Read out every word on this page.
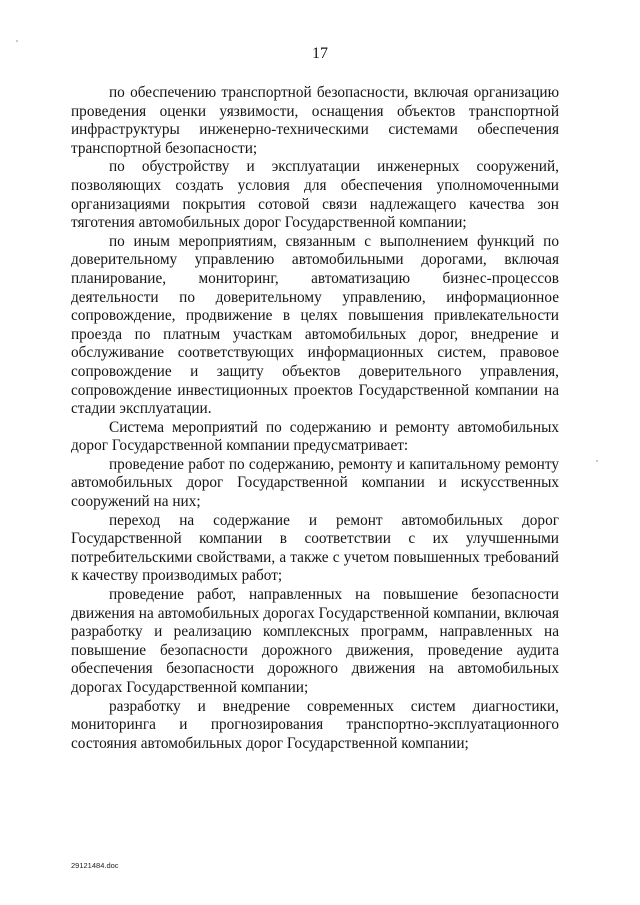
17

по обеспечению транспортной безопасности, включая организацию проведения оценки уязвимости, оснащения объектов транспортной инфраструктуры инженерно-техническими системами обеспечения транспортной безопасности;

по обустройству и эксплуатации инженерных сооружений, позволяющих создать условия для обеспечения уполномоченными организациями покрытия сотовой связи надлежащего качества зон тяготения автомобильных дорог Государственной компании;

по иным мероприятиям, связанным с выполнением функций по доверительному управлению автомобильными дорогами, включая планирование, мониторинг, автоматизацию бизнес-процессов деятельности по доверительному управлению, информационное сопровождение, продвижение в целях повышения привлекательности проезда по платным участкам автомобильных дорог, внедрение и обслуживание соответствующих информационных систем, правовое сопровождение и защиту объектов доверительного управления, сопровождение инвестиционных проектов Государственной компании на стадии эксплуатации.

Система мероприятий по содержанию и ремонту автомобильных дорог Государственной компании предусматривает:

проведение работ по содержанию, ремонту и капитальному ремонту автомобильных дорог Государственной компании и искусственных сооружений на них;

переход на содержание и ремонт автомобильных дорог Государственной компании в соответствии с их улучшенными потребительскими свойствами, а также с учетом повышенных требований к качеству производимых работ;

проведение работ, направленных на повышение безопасности движения на автомобильных дорогах Государственной компании, включая разработку и реализацию комплексных программ, направленных на повышение безопасности дорожного движения, проведение аудита обеспечения безопасности дорожного движения на автомобильных дорогах Государственной компании;

разработку и внедрение современных систем диагностики, мониторинга и прогнозирования транспортно-эксплуатационного состояния автомобильных дорог Государственной компании;

29121484.doc
